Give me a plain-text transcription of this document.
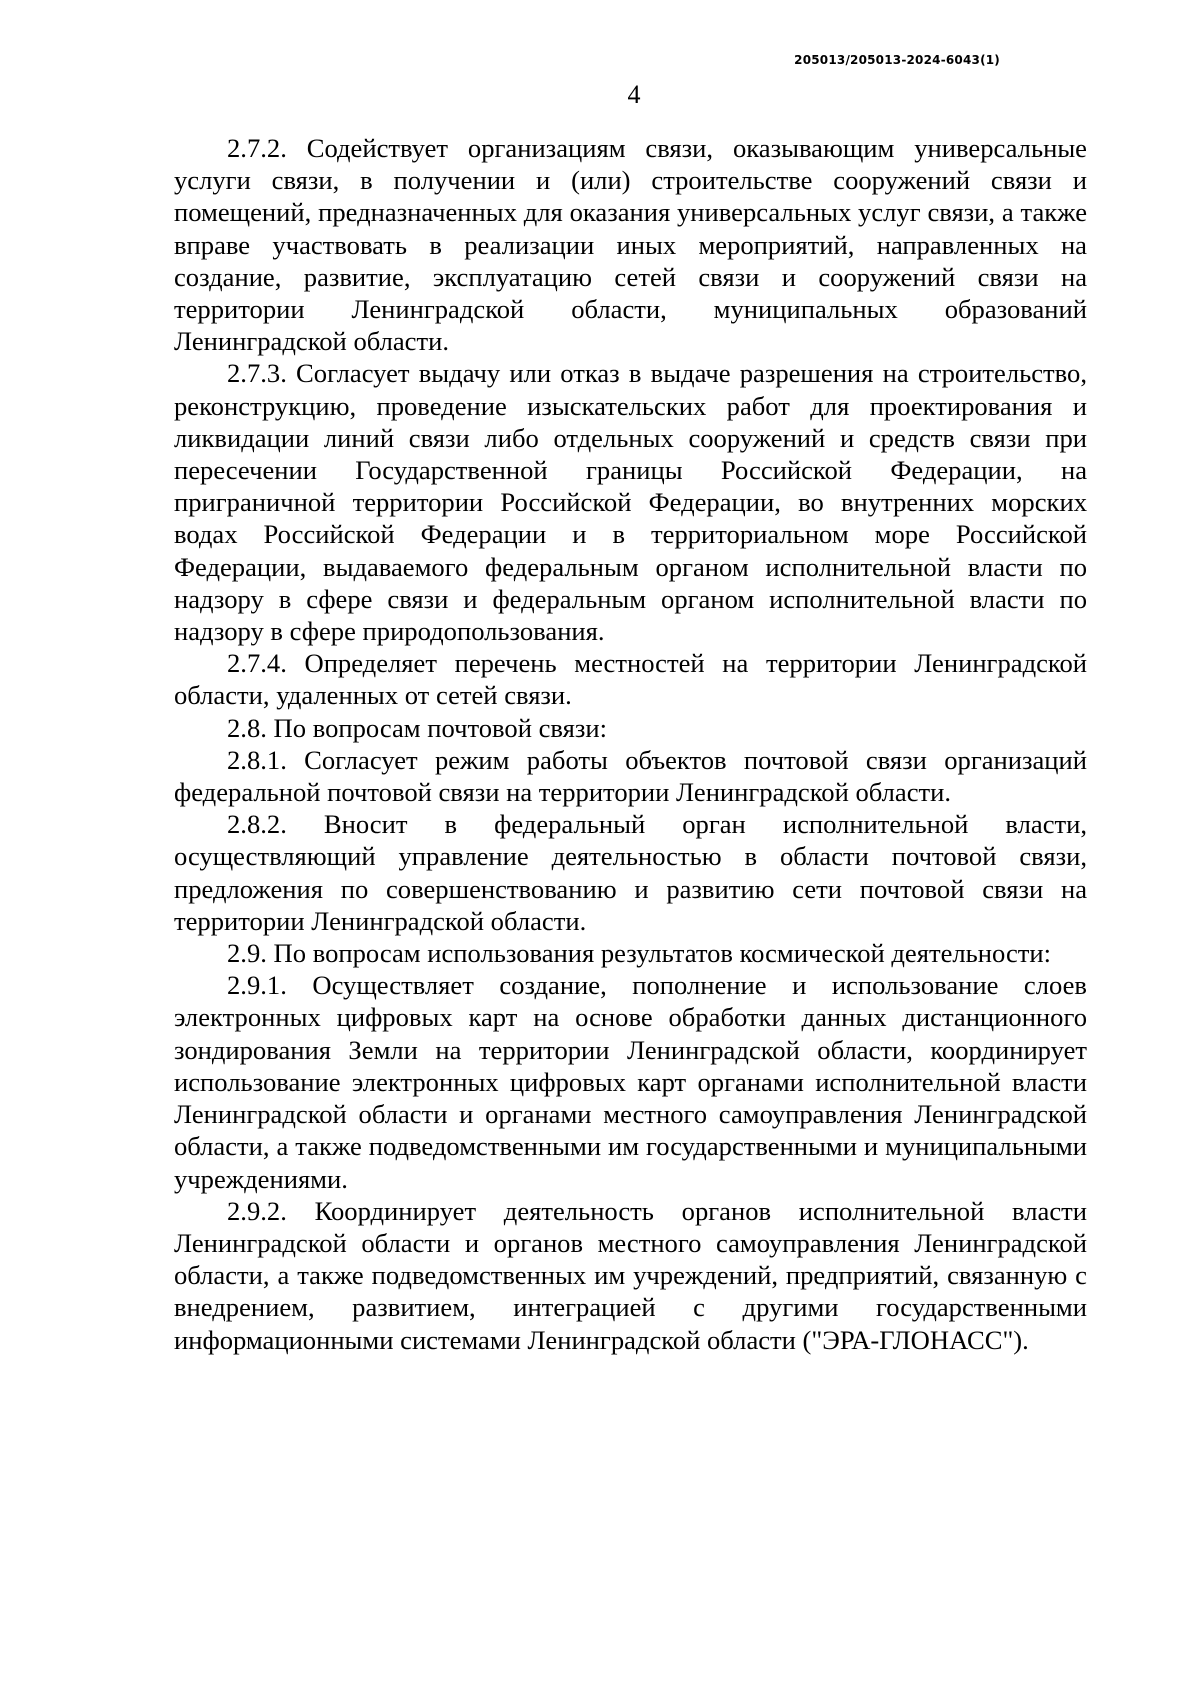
205013/205013-2024-6043(1)
4

2.7.2. Содействует организациям связи, оказывающим универсальные услуги связи, в получении и (или) строительстве сооружений связи и помещений, предназначенных для оказания универсальных услуг связи, а также вправе участвовать в реализации иных мероприятий, направленных на создание, развитие, эксплуатацию сетей связи и сооружений связи на территории Ленинградской области, муниципальных образований Ленинградской области.

2.7.3. Согласует выдачу или отказ в выдаче разрешения на строительство, реконструкцию, проведение изыскательских работ для проектирования и ликвидации линий связи либо отдельных сооружений и средств связи при пересечении Государственной границы Российской Федерации, на приграничной территории Российской Федерации, во внутренних морских водах Российской Федерации и в территориальном море Российской Федерации, выдаваемого федеральным органом исполнительной власти по надзору в сфере связи и федеральным органом исполнительной власти по надзору в сфере природопользования.

2.7.4. Определяет перечень местностей на территории Ленинградской области, удаленных от сетей связи.

2.8. По вопросам почтовой связи:

2.8.1. Согласует режим работы объектов почтовой связи организаций федеральной почтовой связи на территории Ленинградской области.

2.8.2. Вносит в федеральный орган исполнительной власти, осуществляющий управление деятельностью в области почтовой связи, предложения по совершенствованию и развитию сети почтовой связи на территории Ленинградской области.

2.9. По вопросам использования результатов космической деятельности:

2.9.1. Осуществляет создание, пополнение и использование слоев электронных цифровых карт на основе обработки данных дистанционного зондирования Земли на территории Ленинградской области, координирует использование электронных цифровых карт органами исполнительной власти Ленинградской области и органами местного самоуправления Ленинградской области, а также подведомственными им государственными и муниципальными учреждениями.

2.9.2. Координирует деятельность органов исполнительной власти Ленинградской области и органов местного самоуправления Ленинградской области, а также подведомственных им учреждений, предприятий, связанную с внедрением, развитием, интеграцией с другими государственными информационными системами Ленинградской области ("ЭРА-ГЛОНАСС").
